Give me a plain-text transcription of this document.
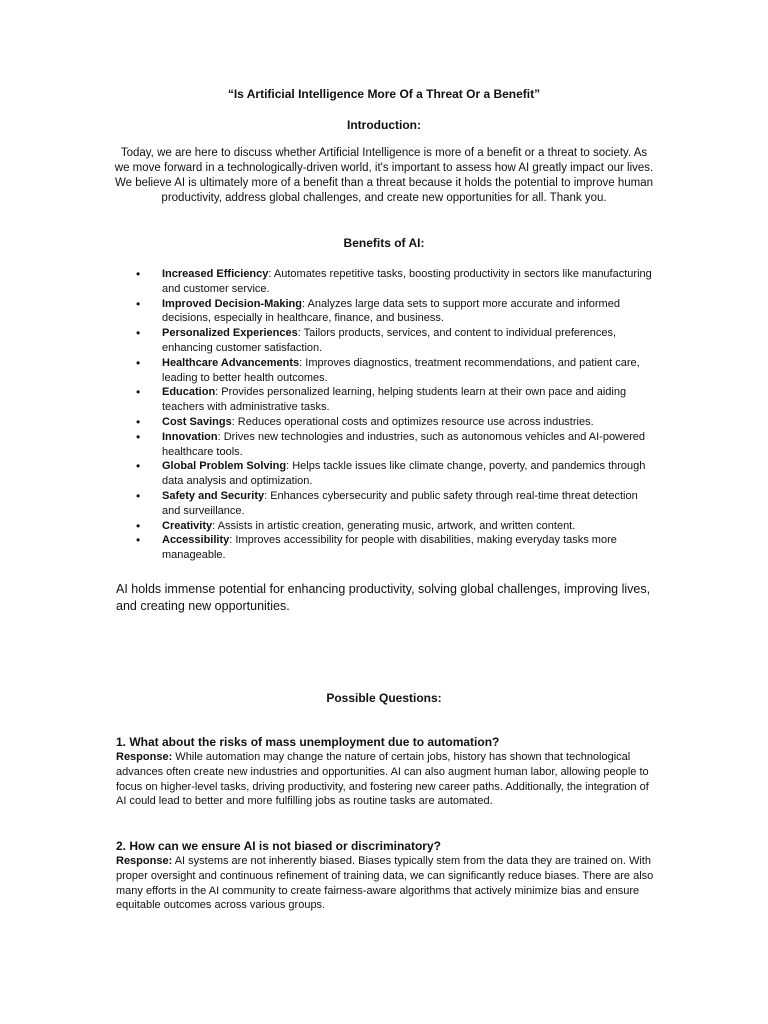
“Is Artificial Intelligence More Of a Threat Or a Benefit”
Introduction:
Today, we are here to discuss whether Artificial Intelligence is more of a benefit or a threat to society. As we move forward in a technologically-driven world, it's important to assess how AI greatly impact our lives. We believe AI is ultimately more of a benefit than a threat because it holds the potential to improve human productivity, address global challenges, and create new opportunities for all. Thank you.
Benefits of AI:
• Increased Efficiency: Automates repetitive tasks, boosting productivity in sectors like manufacturing and customer service.
• Improved Decision-Making: Analyzes large data sets to support more accurate and informed decisions, especially in healthcare, finance, and business.
• Personalized Experiences: Tailors products, services, and content to individual preferences, enhancing customer satisfaction.
• Healthcare Advancements: Improves diagnostics, treatment recommendations, and patient care, leading to better health outcomes.
• Education: Provides personalized learning, helping students learn at their own pace and aiding teachers with administrative tasks.
• Cost Savings: Reduces operational costs and optimizes resource use across industries.
• Innovation: Drives new technologies and industries, such as autonomous vehicles and AI-powered healthcare tools.
• Global Problem Solving: Helps tackle issues like climate change, poverty, and pandemics through data analysis and optimization.
• Safety and Security: Enhances cybersecurity and public safety through real-time threat detection and surveillance.
• Creativity: Assists in artistic creation, generating music, artwork, and written content.
• Accessibility: Improves accessibility for people with disabilities, making everyday tasks more manageable.
AI holds immense potential for enhancing productivity, solving global challenges, improving lives, and creating new opportunities.
Possible Questions:
1. What about the risks of mass unemployment due to automation?
Response: While automation may change the nature of certain jobs, history has shown that technological advances often create new industries and opportunities. AI can also augment human labor, allowing people to focus on higher-level tasks, driving productivity, and fostering new career paths. Additionally, the integration of AI could lead to better and more fulfilling jobs as routine tasks are automated.
2. How can we ensure AI is not biased or discriminatory?
Response: AI systems are not inherently biased. Biases typically stem from the data they are trained on. With proper oversight and continuous refinement of training data, we can significantly reduce biases. There are also many efforts in the AI community to create fairness-aware algorithms that actively minimize bias and ensure equitable outcomes across various groups.
